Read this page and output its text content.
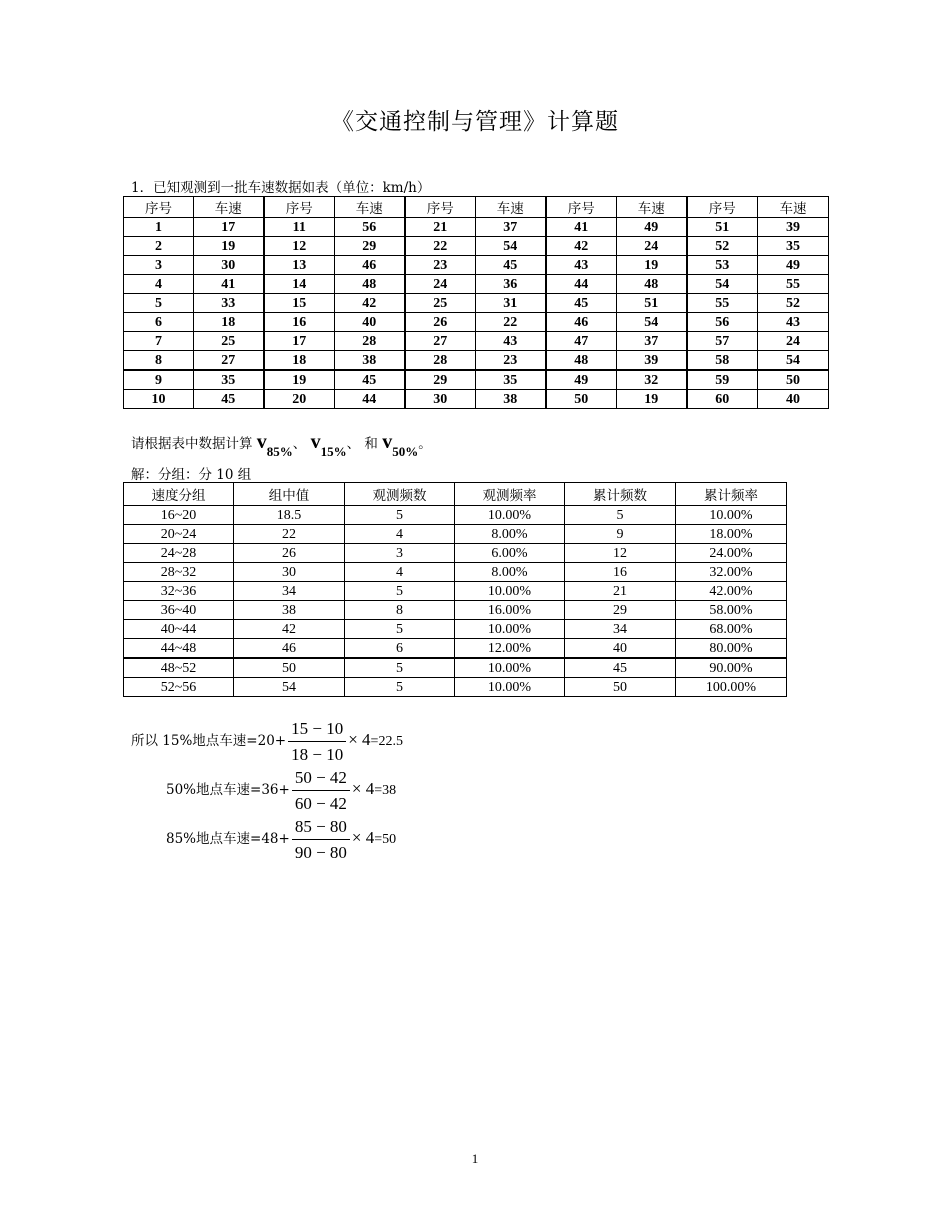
《交通控制与管理》计算题
1．已知观测到一批车速数据如表（单位：km/h）
序号	车速	序号	车速	序号	车速	序号	车速	序号	车速
1	17	11	56	21	37	41	49	51	39
2	19	12	29	22	54	42	24	52	35
3	30	13	46	23	45	43	19	53	49
4	41	14	48	24	36	44	48	54	55
5	33	15	42	25	31	45	51	55	52
6	18	16	40	26	22	46	54	56	43
7	25	17	28	27	43	47	37	57	24
8	27	18	38	28	23	48	39	58	54
9	35	19	45	29	35	49	32	59	50
10	45	20	44	30	38	50	19	60	40
请根据表中数据计算 $v_{85\%}$、 $v_{15\%}$、 和 $v_{50\%}$。
解：分组：分 10 组
速度分组	组中值	观测频数	观测频率	累计频数	累计频率
16~20	18.5	5	10.00%	5	10.00%
20~24	22	4	8.00%	9	18.00%
24~28	26	3	6.00%	12	24.00%
28~32	30	4	8.00%	16	32.00%
32~36	34	5	10.00%	21	42.00%
36~40	38	8	16.00%	29	58.00%
40~44	42	5	10.00%	34	68.00%
44~48	46	6	12.00%	40	80.00%
48~52	50	5	10.00%	45	90.00%
52~56	54	5	10.00%	50	100.00%
所以 15%地点车速$=20+ \frac{15 - 10}{18 - 10} \times 4=22.5$
50%地点车速$=36+ \frac{50 - 42}{60 - 42} \times 4=38$
85%地点车速$=48+ \frac{85 - 80}{90 - 80} \times 4=50$
1
